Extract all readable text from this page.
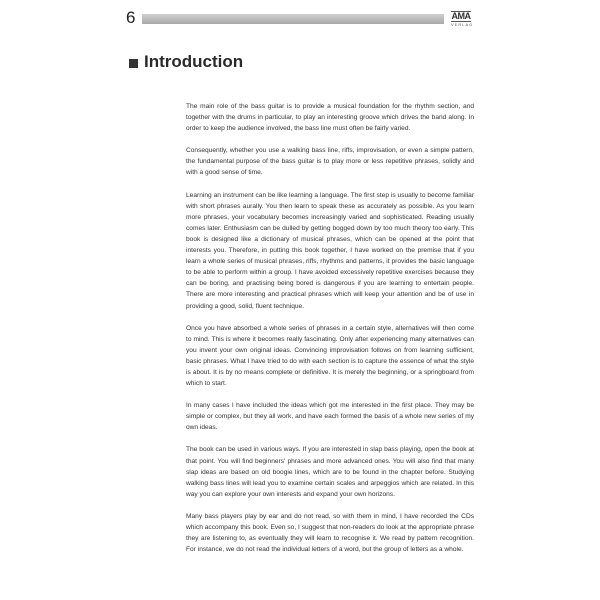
6	AMA
VERLAG
Introduction

The main role of the bass guitar is to provide a musical foundation for the rhythm section, and together with the drums in particular, to play an interesting groove which drives the band along. In order to keep the audience involved, the bass line must often be fairly varied.

Consequently, whether you use a walking bass line, riffs, improvisation, or even a simple pattern, the fundamental purpose of the bass guitar is to play more or less repetitive phrases, solidly and with a good sense of time.

Learning an instrument can be like learning a language. The first step is usually to become familiar with short phrases aurally. You then learn to speak these as accurately as possible. As you learn more phrases, your vocabulary becomes increasingly varied and sophisticated. Reading usually comes later. Enthusiasm can be dulled by getting bogged down by too much theory too early. This book is designed like a dictionary of musical phrases, which can be opened at the point that interests you. Therefore, in putting this book together, I have worked on the premise that if you learn a whole series of musical phrases, riffs, rhythms and patterns, it provides the basic language to be able to perform within a group. I have avoided excessively repetitive exercises because they can be boring, and practising being bored is dangerous if you are learning to entertain people. There are more interesting and practical phrases which will keep your attention and be of use in providing a good, solid, fluent technique.

Once you have absorbed a whole series of phrases in a certain style, alternatives will then come to mind. This is where it becomes really fascinating. Only after experiencing many alternatives can you invent your own original ideas. Convincing improvisation follows on from learning sufficient, basic phrases. What I have tried to do with each section is to capture the essence of what the style is about. It is by no means complete or definitive. It is merely the beginning, or a springboard from which to start.

In many cases I have included the ideas which got me interested in the first place. They may be simple or complex, but they all work, and have each formed the basis of a whole new series of my own ideas.

The book can be used in various ways. If you are interested in slap bass playing, open the book at that point. You will find beginners' phrases and more advanced ones. You will also find that many slap ideas are based on old boogie lines, which are to be found in the chapter before. Studying walking bass lines will lead you to examine certain scales and arpeggios which are related. In this way you can explore your own interests and expand your own horizons.

Many bass players play by ear and do not read, so with them in mind, I have recorded the CDs which accompany this book. Even so, I suggest that non-readers do look at the appropriate phrase they are listening to, as eventually they will learn to recognise it. We read by pattern recognition. For instance, we do not read the individual letters of a word, but the group of letters as a whole.
